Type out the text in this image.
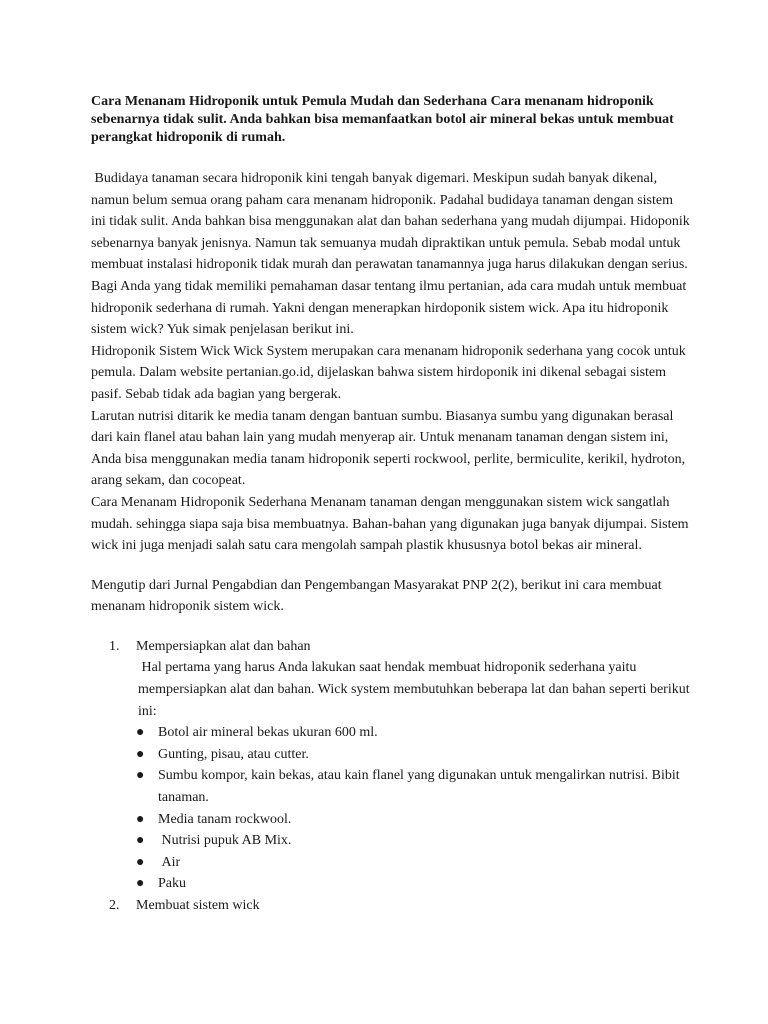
Cara Menanam Hidroponik untuk Pemula Mudah dan Sederhana Cara menanam hidroponik sebenarnya tidak sulit. Anda bahkan bisa memanfaatkan botol air mineral bekas untuk membuat perangkat hidroponik di rumah.

Budidaya tanaman secara hidroponik kini tengah banyak digemari. Meskipun sudah banyak dikenal, namun belum semua orang paham cara menanam hidroponik. Padahal budidaya tanaman dengan sistem ini tidak sulit. Anda bahkan bisa menggunakan alat dan bahan sederhana yang mudah dijumpai. Hidoponik sebenarnya banyak jenisnya. Namun tak semuanya mudah dipraktikan untuk pemula. Sebab modal untuk membuat instalasi hidroponik tidak murah dan perawatan tanamannya juga harus dilakukan dengan serius. Bagi Anda yang tidak memiliki pemahaman dasar tentang ilmu pertanian, ada cara mudah untuk membuat hidroponik sederhana di rumah. Yakni dengan menerapkan hirdoponik sistem wick. Apa itu hidroponik sistem wick? Yuk simak penjelasan berikut ini.

Hidroponik Sistem Wick Wick System merupakan cara menanam hidroponik sederhana yang cocok untuk pemula. Dalam website pertanian.go.id, dijelaskan bahwa sistem hirdoponik ini dikenal sebagai sistem pasif. Sebab tidak ada bagian yang bergerak.

Larutan nutrisi ditarik ke media tanam dengan bantuan sumbu. Biasanya sumbu yang digunakan berasal dari kain flanel atau bahan lain yang mudah menyerap air. Untuk menanam tanaman dengan sistem ini, Anda bisa menggunakan media tanam hidroponik seperti rockwool, perlite, bermiculite, kerikil, hydroton, arang sekam, dan cocopeat.

Cara Menanam Hidroponik Sederhana Menanam tanaman dengan menggunakan sistem wick sangatlah mudah. sehingga siapa saja bisa membuatnya. Bahan-bahan yang digunakan juga banyak dijumpai. Sistem wick ini juga menjadi salah satu cara mengolah sampah plastik khususnya botol bekas air mineral.

Mengutip dari Jurnal Pengabdian dan Pengembangan Masyarakat PNP 2(2), berikut ini cara membuat menanam hidroponik sistem wick.

1. Mempersiapkan alat dan bahan

Hal pertama yang harus Anda lakukan saat hendak membuat hidroponik sederhana yaitu mempersiapkan alat dan bahan. Wick system membutuhkan beberapa lat dan bahan seperti berikut ini:

● Botol air mineral bekas ukuran 600 ml.
● Gunting, pisau, atau cutter.
● Sumbu kompor, kain bekas, atau kain flanel yang digunakan untuk mengalirkan nutrisi. Bibit tanaman.
● Media tanam rockwool.
● Nutrisi pupuk AB Mix.
● Air
● Paku
2. Membuat sistem wick
